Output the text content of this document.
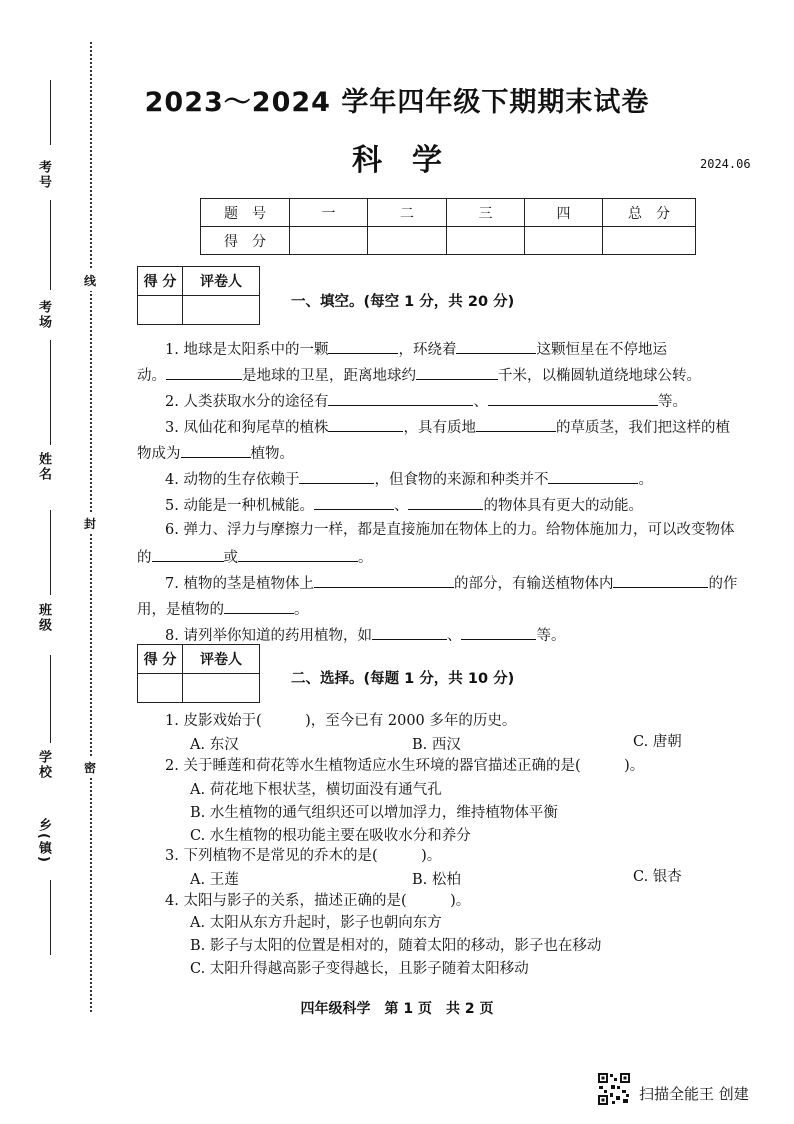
考号
考场
姓名
班级
学校
乡(镇)
线
封
密
2023～2024 学年四年级下期期末试卷
科学	2024.06
题　号	一	二	三	四	总　分
得　分					
得 分	评卷人

一、填空。(每空 1 分，共 20 分)
1. 地球是太阳系中的一颗	，环绕着	这颗恒星在不停地运
动。	是地球的卫星，距离地球约	千米，以椭圆轨道绕地球公转。
2. 人类获取水分的途径有	、	等。
3. 凤仙花和狗尾草的植株	，具有质地	的草质茎，我们把这样的植
物成为	植物。
4. 动物的生存依赖于	，但食物的来源和种类并不	。
5. 动能是一种机械能。	、	的物体具有更大的动能。
6. 弹力、浮力与摩擦力一样，都是直接施加在物体上的力。给物体施加力，可以改变物体
的	或	。
7. 植物的茎是植物体上	的部分，有输送植物体内	的作
用，是植物的	。
8. 请列举你知道的药用植物，如	、	等。
得 分	评卷人

二、选择。(每题 1 分，共 10 分)
1. 皮影戏始于(　　　)，至今已有 2000 多年的历史。
A. 东汉	B. 西汉	C. 唐朝
2. 关于睡莲和荷花等水生植物适应水生环境的器官描述正确的是(　　　)。
A. 荷花地下根状茎，横切面没有通气孔
B. 水生植物的通气组织还可以增加浮力，维持植物体平衡
C. 水生植物的根功能主要在吸收水分和养分
3. 下列植物不是常见的乔木的是(　　　)。
A. 王莲	B. 松柏	C. 银杏
4. 太阳与影子的关系，描述正确的是(　　　)。
A. 太阳从东方升起时，影子也朝向东方
B. 影子与太阳的位置是相对的，随着太阳的移动，影子也在移动
C. 太阳升得越高影子变得越长，且影子随着太阳移动
四年级科学　第 1 页　共 2 页
扫描全能王 创建
